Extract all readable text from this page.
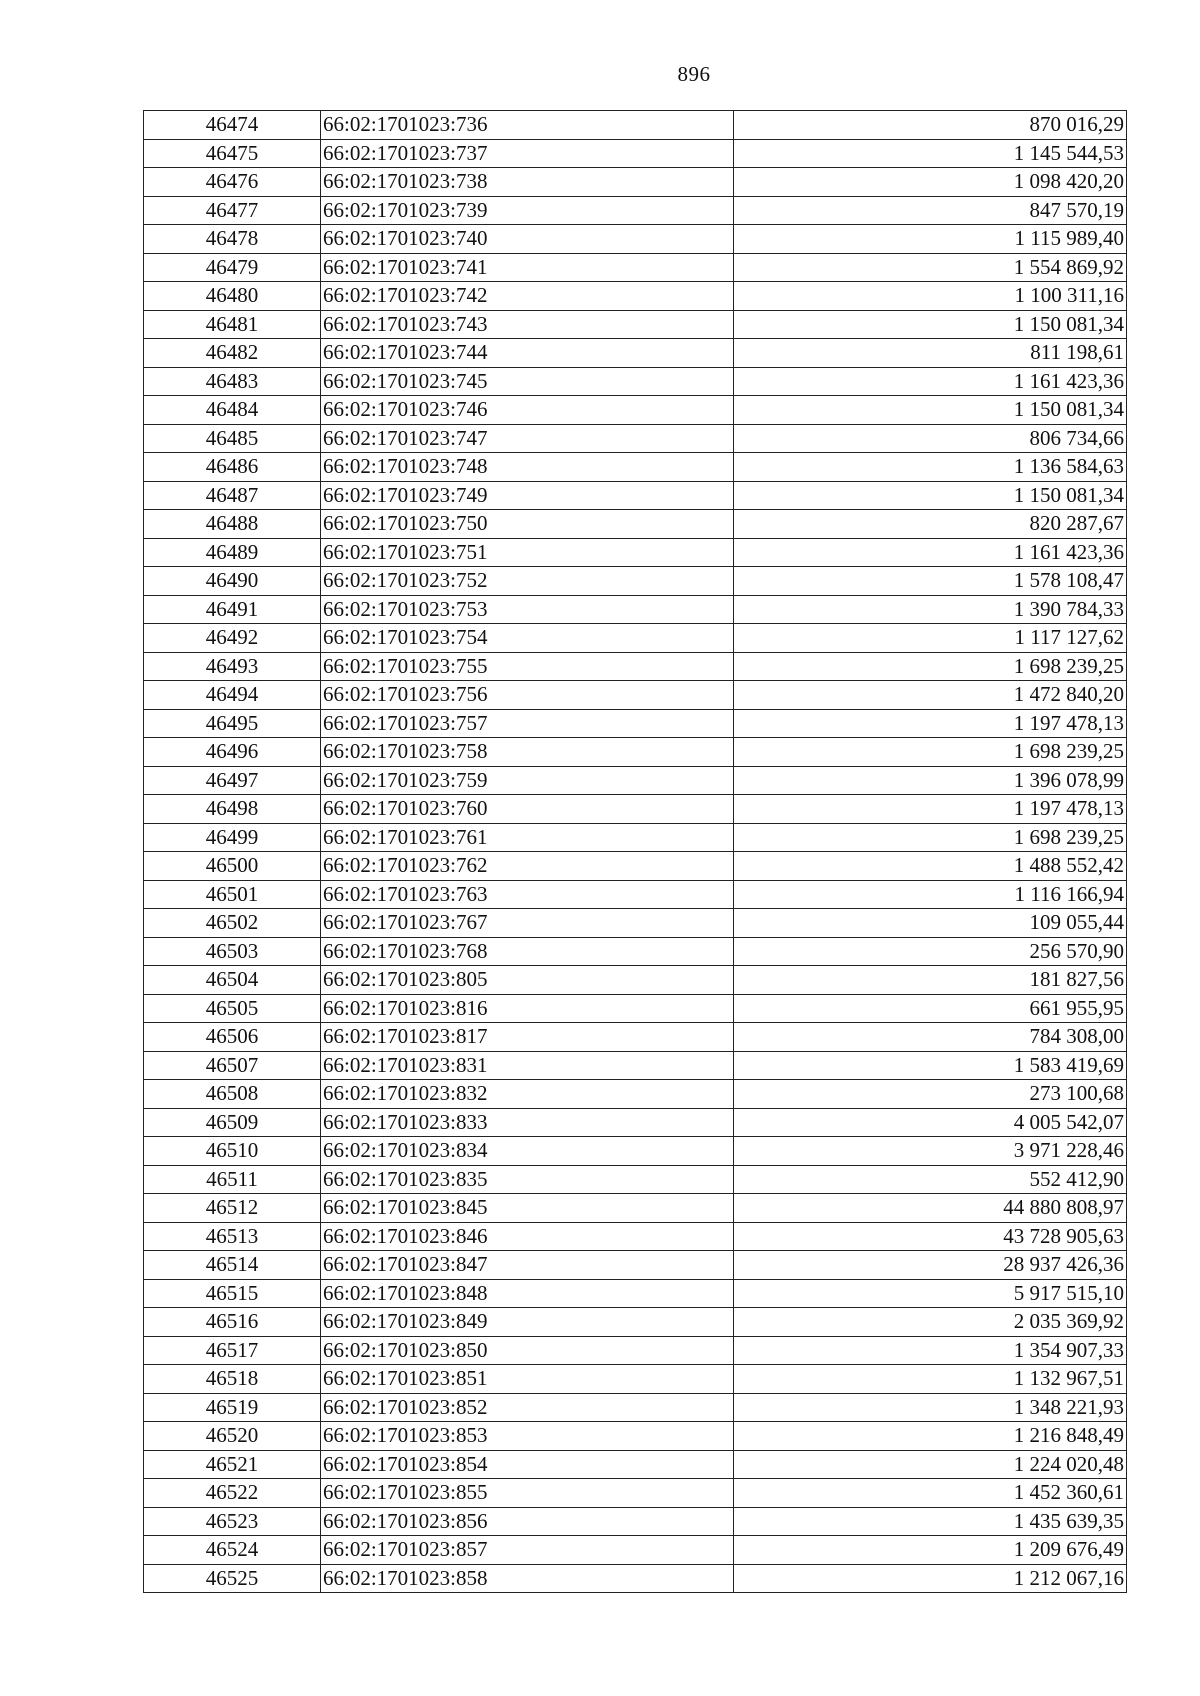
896
46474	66:02:1701023:736	870 016,29
46475	66:02:1701023:737	1 145 544,53
46476	66:02:1701023:738	1 098 420,20
46477	66:02:1701023:739	847 570,19
46478	66:02:1701023:740	1 115 989,40
46479	66:02:1701023:741	1 554 869,92
46480	66:02:1701023:742	1 100 311,16
46481	66:02:1701023:743	1 150 081,34
46482	66:02:1701023:744	811 198,61
46483	66:02:1701023:745	1 161 423,36
46484	66:02:1701023:746	1 150 081,34
46485	66:02:1701023:747	806 734,66
46486	66:02:1701023:748	1 136 584,63
46487	66:02:1701023:749	1 150 081,34
46488	66:02:1701023:750	820 287,67
46489	66:02:1701023:751	1 161 423,36
46490	66:02:1701023:752	1 578 108,47
46491	66:02:1701023:753	1 390 784,33
46492	66:02:1701023:754	1 117 127,62
46493	66:02:1701023:755	1 698 239,25
46494	66:02:1701023:756	1 472 840,20
46495	66:02:1701023:757	1 197 478,13
46496	66:02:1701023:758	1 698 239,25
46497	66:02:1701023:759	1 396 078,99
46498	66:02:1701023:760	1 197 478,13
46499	66:02:1701023:761	1 698 239,25
46500	66:02:1701023:762	1 488 552,42
46501	66:02:1701023:763	1 116 166,94
46502	66:02:1701023:767	109 055,44
46503	66:02:1701023:768	256 570,90
46504	66:02:1701023:805	181 827,56
46505	66:02:1701023:816	661 955,95
46506	66:02:1701023:817	784 308,00
46507	66:02:1701023:831	1 583 419,69
46508	66:02:1701023:832	273 100,68
46509	66:02:1701023:833	4 005 542,07
46510	66:02:1701023:834	3 971 228,46
46511	66:02:1701023:835	552 412,90
46512	66:02:1701023:845	44 880 808,97
46513	66:02:1701023:846	43 728 905,63
46514	66:02:1701023:847	28 937 426,36
46515	66:02:1701023:848	5 917 515,10
46516	66:02:1701023:849	2 035 369,92
46517	66:02:1701023:850	1 354 907,33
46518	66:02:1701023:851	1 132 967,51
46519	66:02:1701023:852	1 348 221,93
46520	66:02:1701023:853	1 216 848,49
46521	66:02:1701023:854	1 224 020,48
46522	66:02:1701023:855	1 452 360,61
46523	66:02:1701023:856	1 435 639,35
46524	66:02:1701023:857	1 209 676,49
46525	66:02:1701023:858	1 212 067,16
